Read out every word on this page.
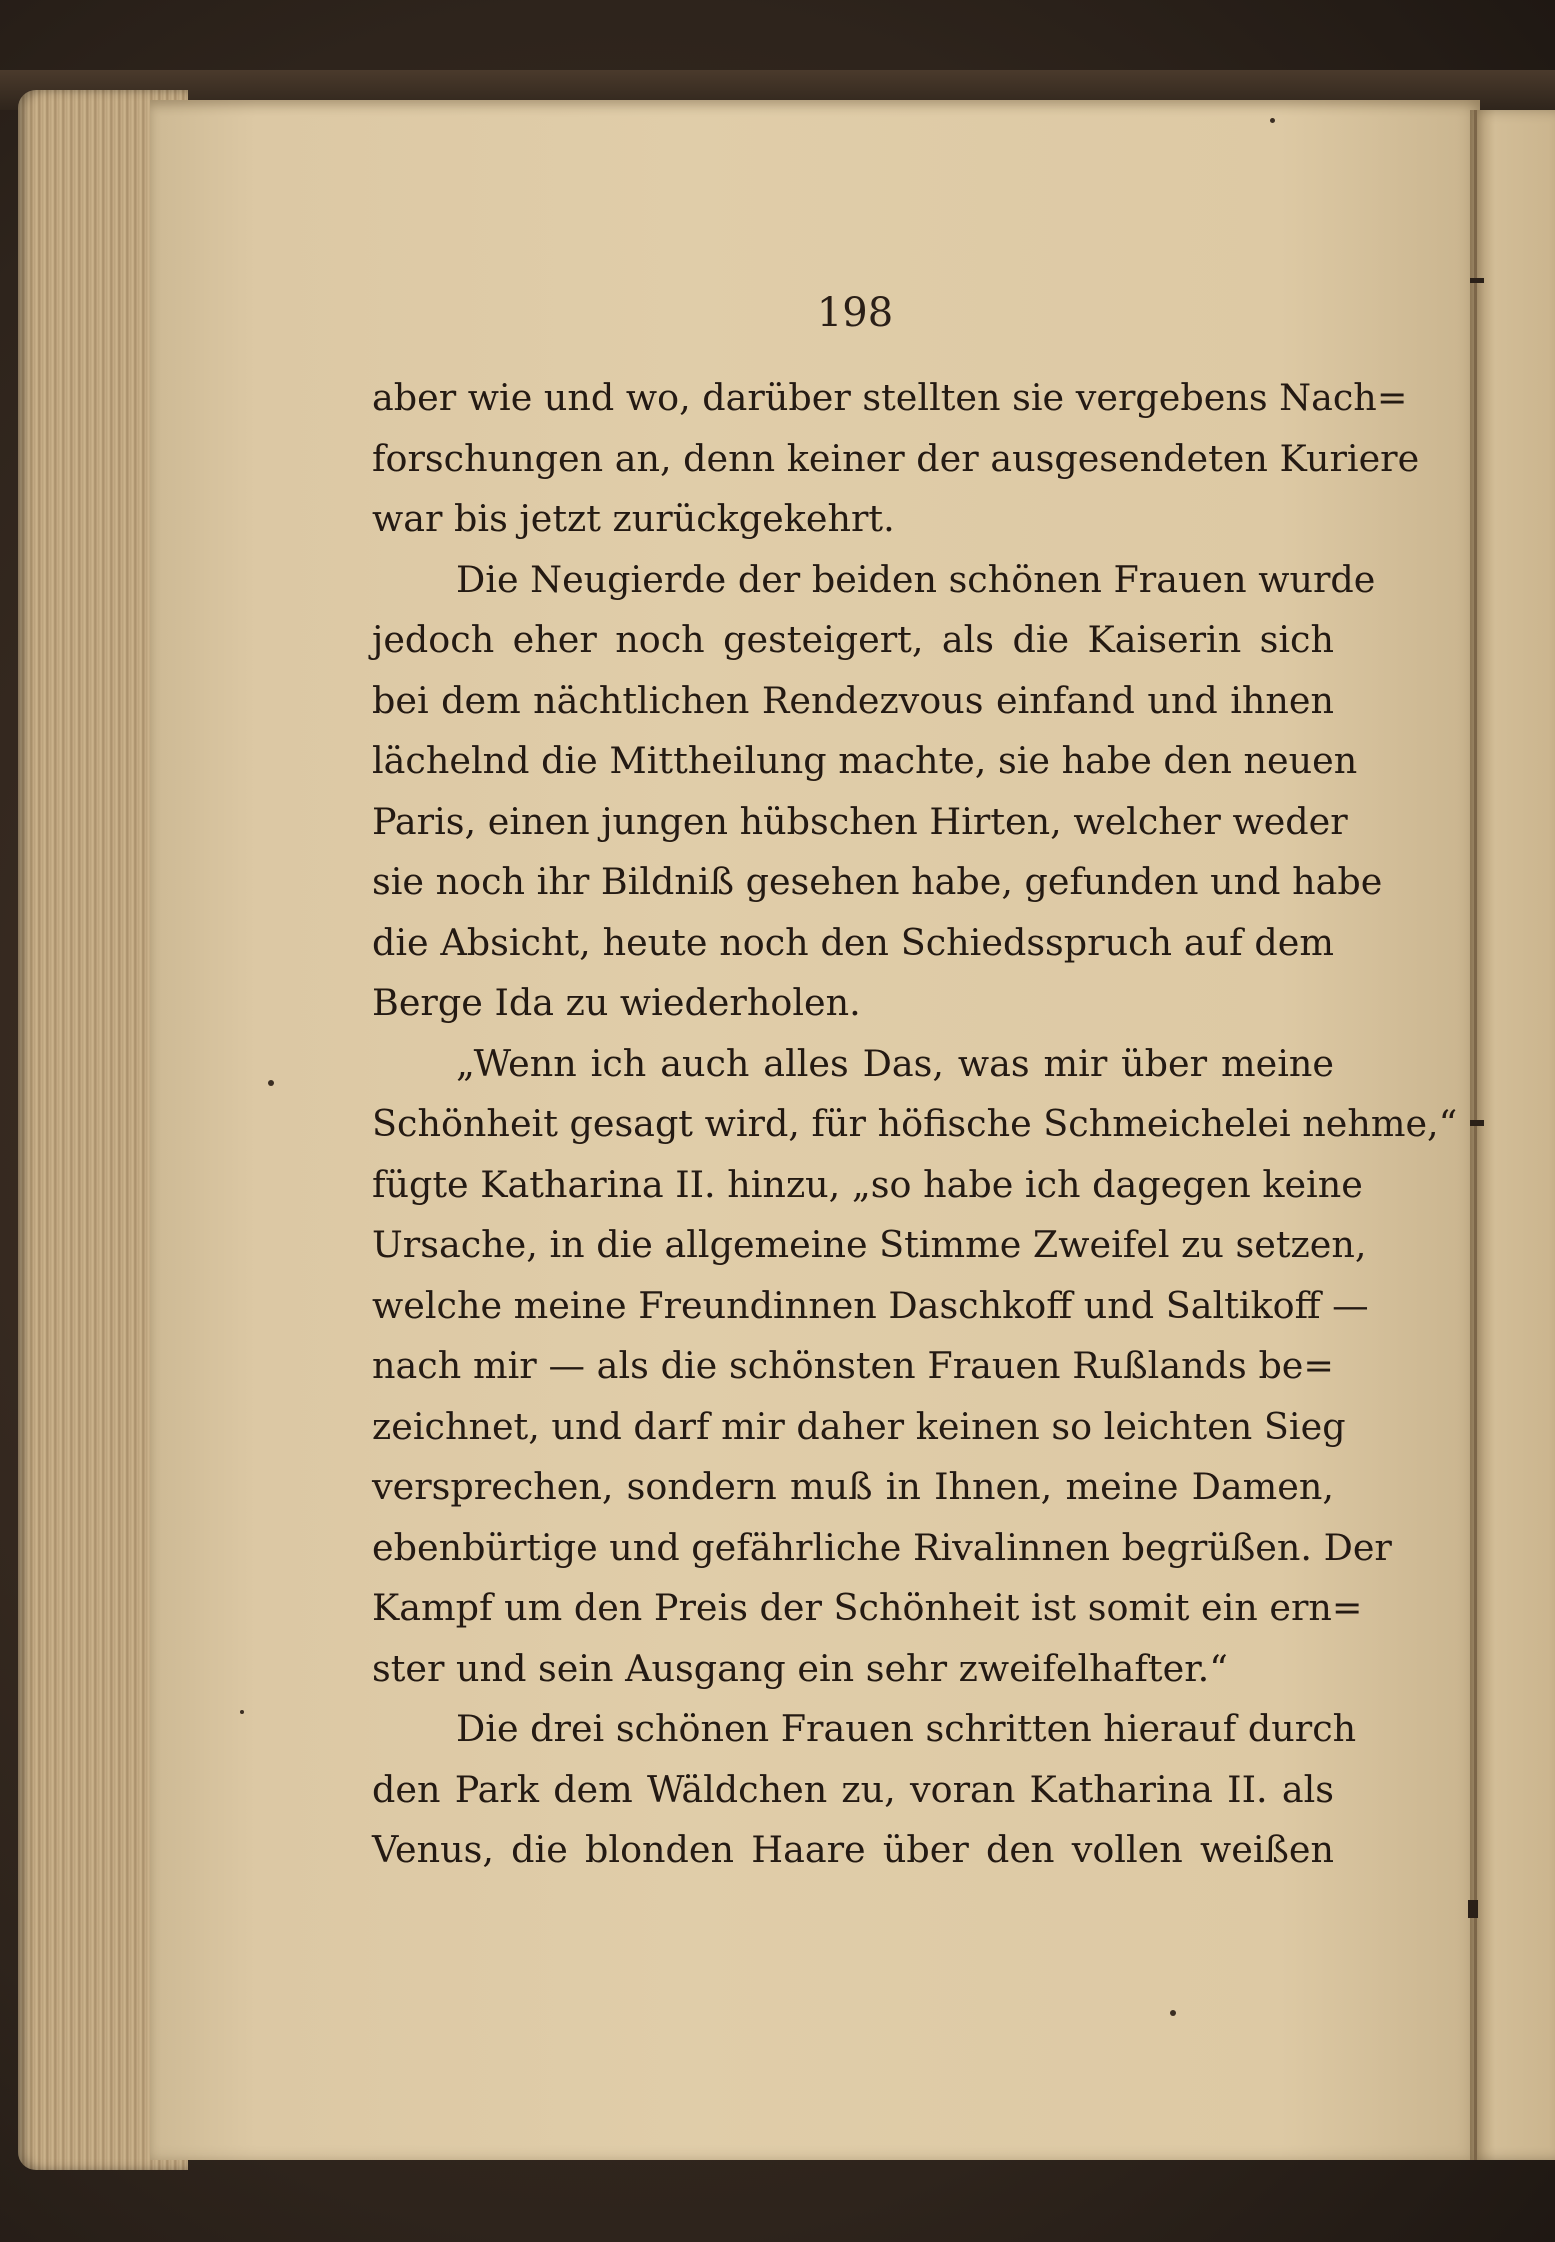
198
aber wie und wo, darüber stellten sie vergebens Nach=
forschungen an, denn keiner der ausgesendeten Kuriere
war bis jetzt zurückgekehrt.
Die Neugierde der beiden schönen Frauen wurde
jedoch eher noch gesteigert, als die Kaiserin sich
bei dem nächtlichen Rendezvous einfand und ihnen
lächelnd die Mittheilung machte, sie habe den neuen
Paris, einen jungen hübschen Hirten, welcher weder
sie noch ihr Bildniß gesehen habe, gefunden und habe
die Absicht, heute noch den Schiedsspruch auf dem
Berge Ida zu wiederholen.
„Wenn ich auch alles Das, was mir über meine
Schönheit gesagt wird, für höfische Schmeichelei nehme,“
fügte Katharina II. hinzu, „so habe ich dagegen keine
Ursache, in die allgemeine Stimme Zweifel zu setzen,
welche meine Freundinnen Daschkoff und Saltikoff —
nach mir — als die schönsten Frauen Rußlands be=
zeichnet, und darf mir daher keinen so leichten Sieg
versprechen, sondern muß in Ihnen, meine Damen,
ebenbürtige und gefährliche Rivalinnen begrüßen. Der
Kampf um den Preis der Schönheit ist somit ein ern=
ster und sein Ausgang ein sehr zweifelhafter.“
Die drei schönen Frauen schritten hierauf durch
den Park dem Wäldchen zu, voran Katharina II. als
Venus, die blonden Haare über den vollen weißen
